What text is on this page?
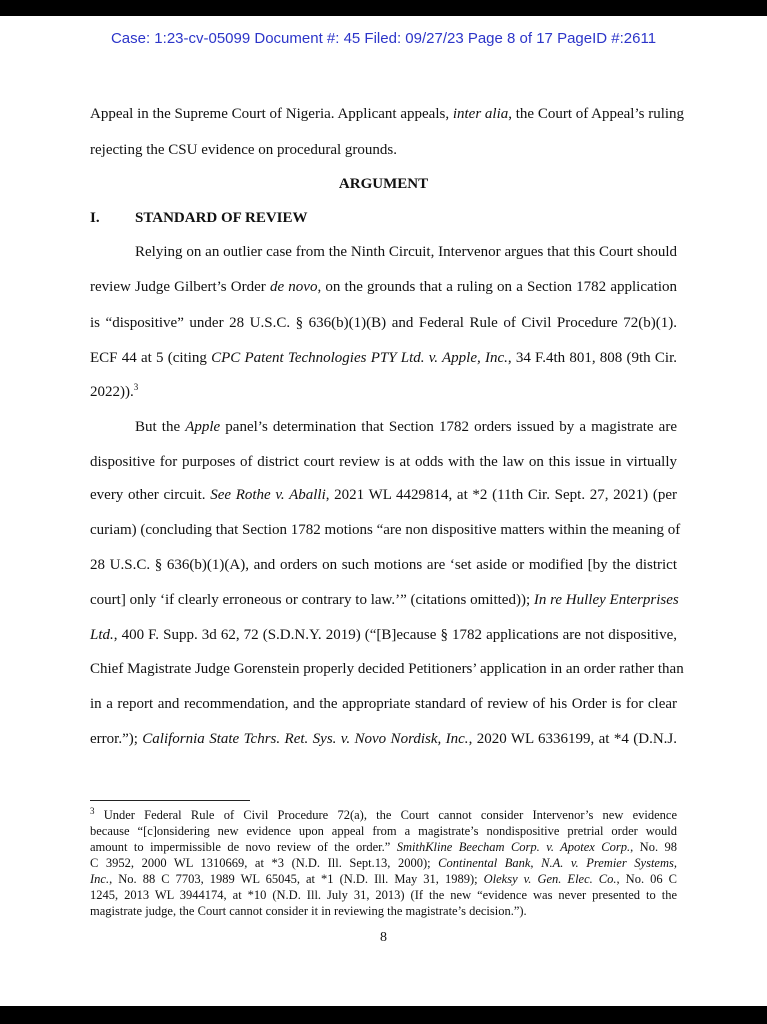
Case: 1:23-cv-05099 Document #: 45 Filed: 09/27/23 Page 8 of 17 PageID #:2611
Appeal in the Supreme Court of Nigeria. Applicant appeals, inter alia, the Court of Appeal’s ruling
rejecting the CSU evidence on procedural grounds.
ARGUMENT
I. STANDARD OF REVIEW
Relying on an outlier case from the Ninth Circuit, Intervenor argues that this Court should
review Judge Gilbert’s Order de novo, on the grounds that a ruling on a Section 1782 application
is “dispositive” under 28 U.S.C. § 636(b)(1)(B) and Federal Rule of Civil Procedure 72(b)(1).
ECF 44 at 5 (citing CPC Patent Technologies PTY Ltd. v. Apple, Inc., 34 F.4th 801, 808 (9th Cir.
2022)).$^3$
But the Apple panel’s determination that Section 1782 orders issued by a magistrate are
dispositive for purposes of district court review is at odds with the law on this issue in virtually
every other circuit. See Rothe v. Aballi, 2021 WL 4429814, at *2 (11th Cir. Sept. 27, 2021) (per
curiam) (concluding that Section 1782 motions “are non dispositive matters within the meaning of
28 U.S.C. § 636(b)(1)(A), and orders on such motions are ‘set aside or modified [by the district
court] only ‘if clearly erroneous or contrary to law.’” (citations omitted)); In re Hulley Enterprises
Ltd., 400 F. Supp. 3d 62, 72 (S.D.N.Y. 2019) (“[B]ecause § 1782 applications are not dispositive,
Chief Magistrate Judge Gorenstein properly decided Petitioners’ application in an order rather than
in a report and recommendation, and the appropriate standard of review of his Order is for clear
error.”); California State Tchrs. Ret. Sys. v. Novo Nordisk, Inc., 2020 WL 6336199, at *4 (D.N.J.
$^3$ Under Federal Rule of Civil Procedure 72(a), the Court cannot consider Intervenor’s new evidence
because “[c]onsidering new evidence upon appeal from a magistrate’s nondispositive pretrial order would
amount to impermissible de novo review of the order.” SmithKline Beecham Corp. v. Apotex Corp., No. 98
C 3952, 2000 WL 1310669, at *3 (N.D. Ill. Sept.13, 2000); Continental Bank, N.A. v. Premier Systems,
Inc., No. 88 C 7703, 1989 WL 65045, at *1 (N.D. Ill. May 31, 1989); Oleksy v. Gen. Elec. Co., No. 06 C
1245, 2013 WL 3944174, at *10 (N.D. Ill. July 31, 2013) (If the new “evidence was never presented to the
magistrate judge, the Court cannot consider it in reviewing the magistrate’s decision.”).
8
